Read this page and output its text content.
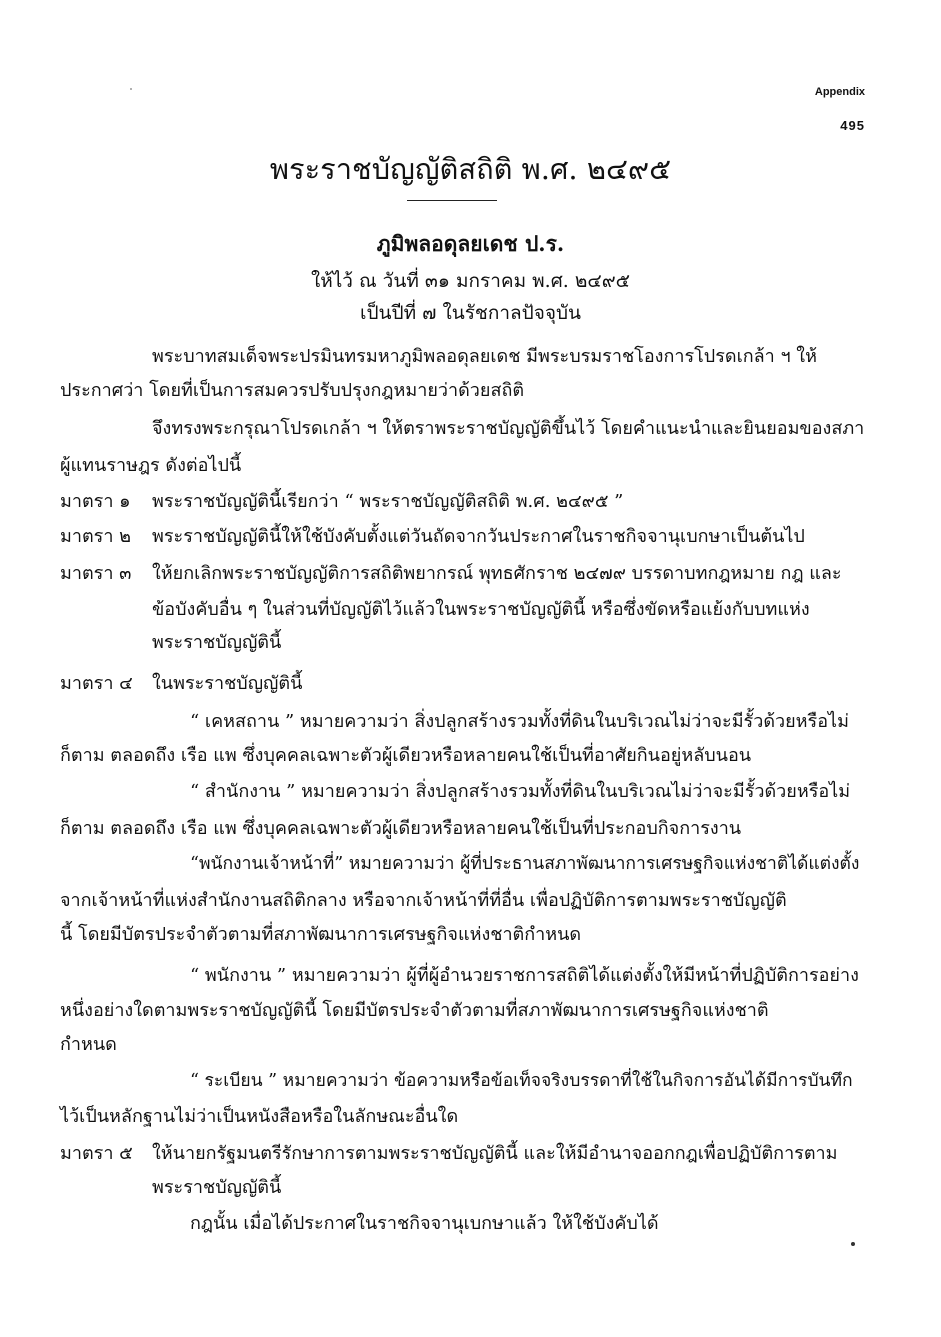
Appendix
495
พระราชบัญญัติสถิติ พ.ศ. ๒๔๙๕
ภูมิพลอดุลยเดช ป.ร.
ให้ไว้ ณ วันที่ ๓๑ มกราคม พ.ศ. ๒๔๙๕
เป็นปีที่ ๗ ในรัชกาลปัจจุบัน
พระบาทสมเด็จพระปรมินทรมหาภูมิพลอดุลยเดช มีพระบรมราชโองการโปรดเกล้า ฯ ให้
ประกาศว่า โดยที่เป็นการสมควรปรับปรุงกฎหมายว่าด้วยสถิติ
จึงทรงพระกรุณาโปรดเกล้า ฯ ให้ตราพระราชบัญญัติขึ้นไว้ โดยคำแนะนำและยินยอมของสภา
ผู้แทนราษฎร ดังต่อไปนี้
มาตรา ๑ พระราชบัญญัตินี้เรียกว่า “ พระราชบัญญัติสถิติ พ.ศ. ๒๔๙๕ ”
มาตรา ๒ พระราชบัญญัตินี้ให้ใช้บังคับตั้งแต่วันถัดจากวันประกาศในราชกิจจานุเบกษาเป็นต้นไป
มาตรา ๓ ให้ยกเลิกพระราชบัญญัติการสถิติพยากรณ์ พุทธศักราช ๒๔๗๙ บรรดาบทกฎหมาย กฎ และ
ข้อบังคับอื่น ๆ ในส่วนที่บัญญัติไว้แล้วในพระราชบัญญัตินี้ หรือซึ่งขัดหรือแย้งกับบทแห่ง
พระราชบัญญัตินี้
มาตรา ๔ ในพระราชบัญญัตินี้
“ เคหสถาน ” หมายความว่า สิ่งปลูกสร้างรวมทั้งที่ดินในบริเวณไม่ว่าจะมีรั้วด้วยหรือไม่
ก็ตาม ตลอดถึง เรือ แพ ซึ่งบุคคลเฉพาะตัวผู้เดียวหรือหลายคนใช้เป็นที่อาศัยกินอยู่หลับนอน
“ สำนักงาน ” หมายความว่า สิ่งปลูกสร้างรวมทั้งที่ดินในบริเวณไม่ว่าจะมีรั้วด้วยหรือไม่
ก็ตาม ตลอดถึง เรือ แพ ซึ่งบุคคลเฉพาะตัวผู้เดียวหรือหลายคนใช้เป็นที่ประกอบกิจการงาน
“พนักงานเจ้าหน้าที่” หมายความว่า ผู้ที่ประธานสภาพัฒนาการเศรษฐกิจแห่งชาติได้แต่งตั้ง
จากเจ้าหน้าที่แห่งสำนักงานสถิติกลาง หรือจากเจ้าหน้าที่ที่อื่น เพื่อปฏิบัติการตามพระราชบัญญัติ
นี้ โดยมีบัตรประจำตัวตามที่สภาพัฒนาการเศรษฐกิจแห่งชาติกำหนด
“ พนักงาน ” หมายความว่า ผู้ที่ผู้อำนวยราชการสถิติได้แต่งตั้งให้มีหน้าที่ปฏิบัติการอย่าง
หนึ่งอย่างใดตามพระราชบัญญัตินี้ โดยมีบัตรประจำตัวตามที่สภาพัฒนาการเศรษฐกิจแห่งชาติ
กำหนด
“ ระเบียน ” หมายความว่า ข้อความหรือข้อเท็จจริงบรรดาที่ใช้ในกิจการอันได้มีการบันทึก
ไว้เป็นหลักฐานไม่ว่าเป็นหนังสือหรือในลักษณะอื่นใด
มาตรา ๕ ให้นายกรัฐมนตรีรักษาการตามพระราชบัญญัตินี้ และให้มีอำนาจออกกฎเพื่อปฏิบัติการตาม
พระราชบัญญัตินี้
กฎนั้น เมื่อได้ประกาศในราชกิจจานุเบกษาแล้ว ให้ใช้บังคับได้
